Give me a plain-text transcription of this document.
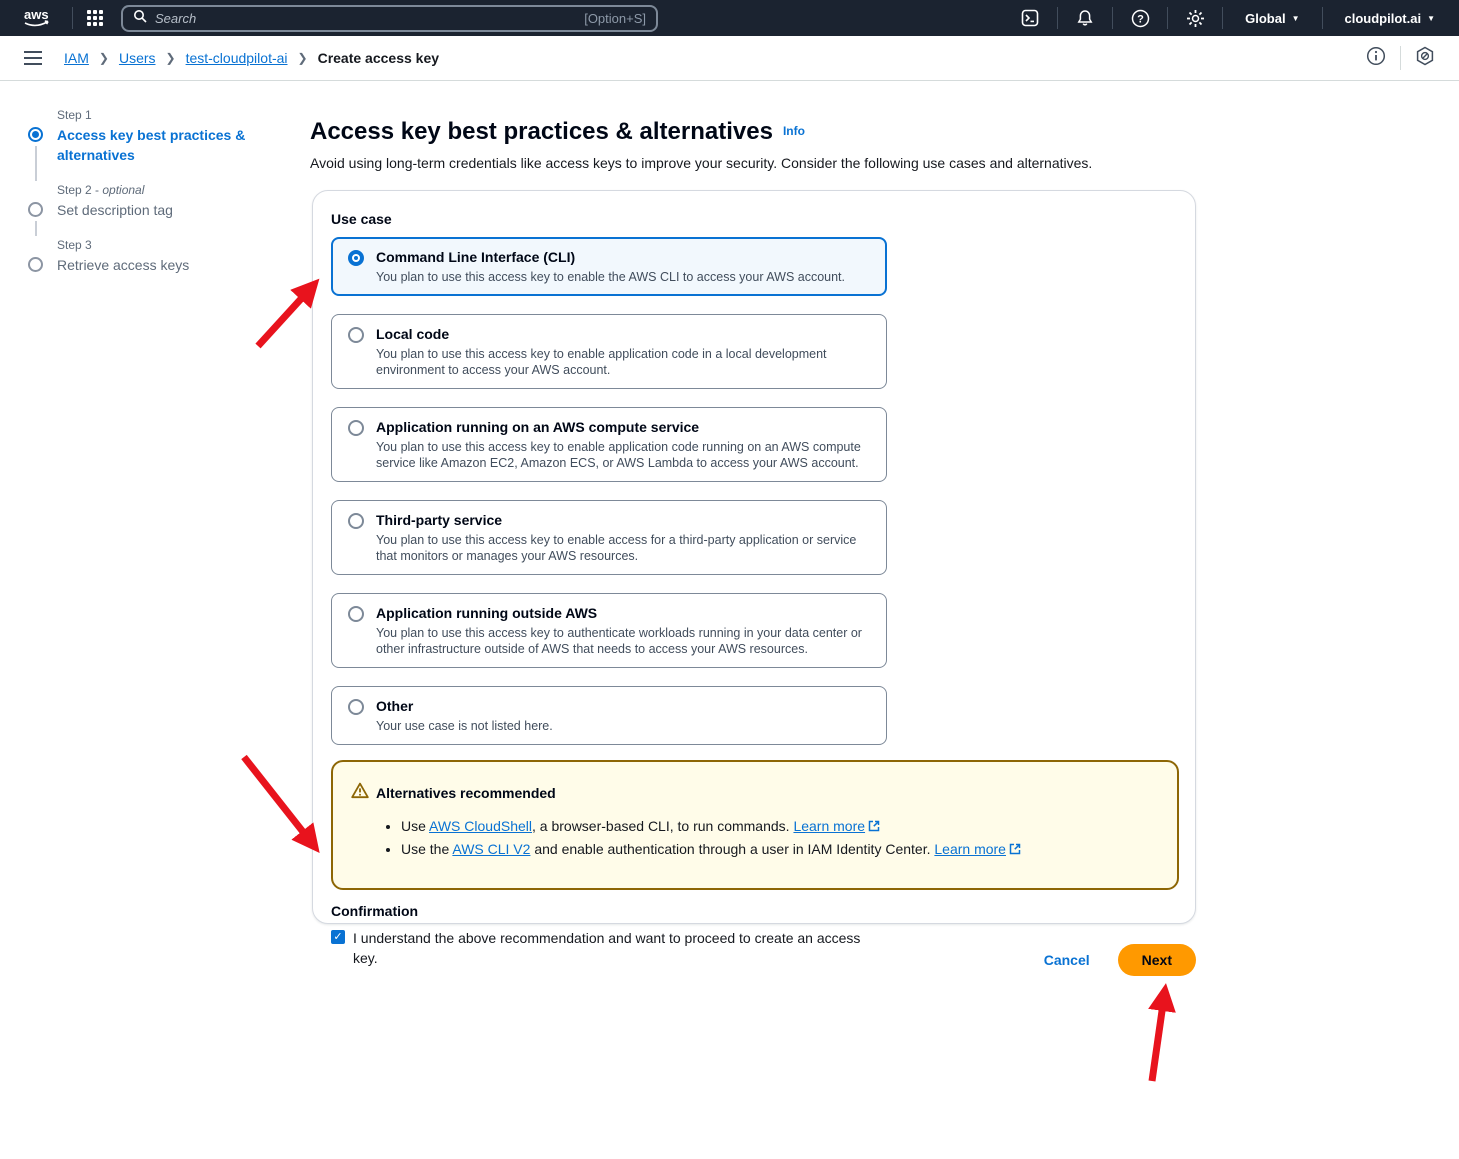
aws
Search	[Option+S]	?	Global ▼	cloudpilot.ai ▼
IAM ❯ Users ❯ test-cloudpilot-ai ❯ Create access key
Step 1
Access key best practices & alternatives
Step 2 - optional
Set description tag
Step 3
Retrieve access keys
Access key best practices & alternatives $^{Info}$
Avoid using long-term credentials like access keys to improve your security. Consider the following use cases and alternatives.
Use case
Command Line Interface (CLI)
You plan to use this access key to enable the AWS CLI to access your AWS account.
Local code
You plan to use this access key to enable application code in a local development environment to access your AWS account.
Application running on an AWS compute service
You plan to use this access key to enable application code running on an AWS compute service like Amazon EC2, Amazon ECS, or AWS Lambda to access your AWS account.
Third-party service
You plan to use this access key to enable access for a third-party application or service that monitors or manages your AWS resources.
Application running outside AWS
You plan to use this access key to authenticate workloads running in your data center or other infrastructure outside of AWS that needs to access your AWS resources.
Other
Your use case is not listed here.
Alternatives recommended
• Use AWS CloudShell, a browser-based CLI, to run commands. Learn more
• Use the AWS CLI V2 and enable authentication through a user in IAM Identity Center. Learn more
Confirmation
✓ I understand the above recommendation and want to proceed to create an access key.	Cancel	Next
